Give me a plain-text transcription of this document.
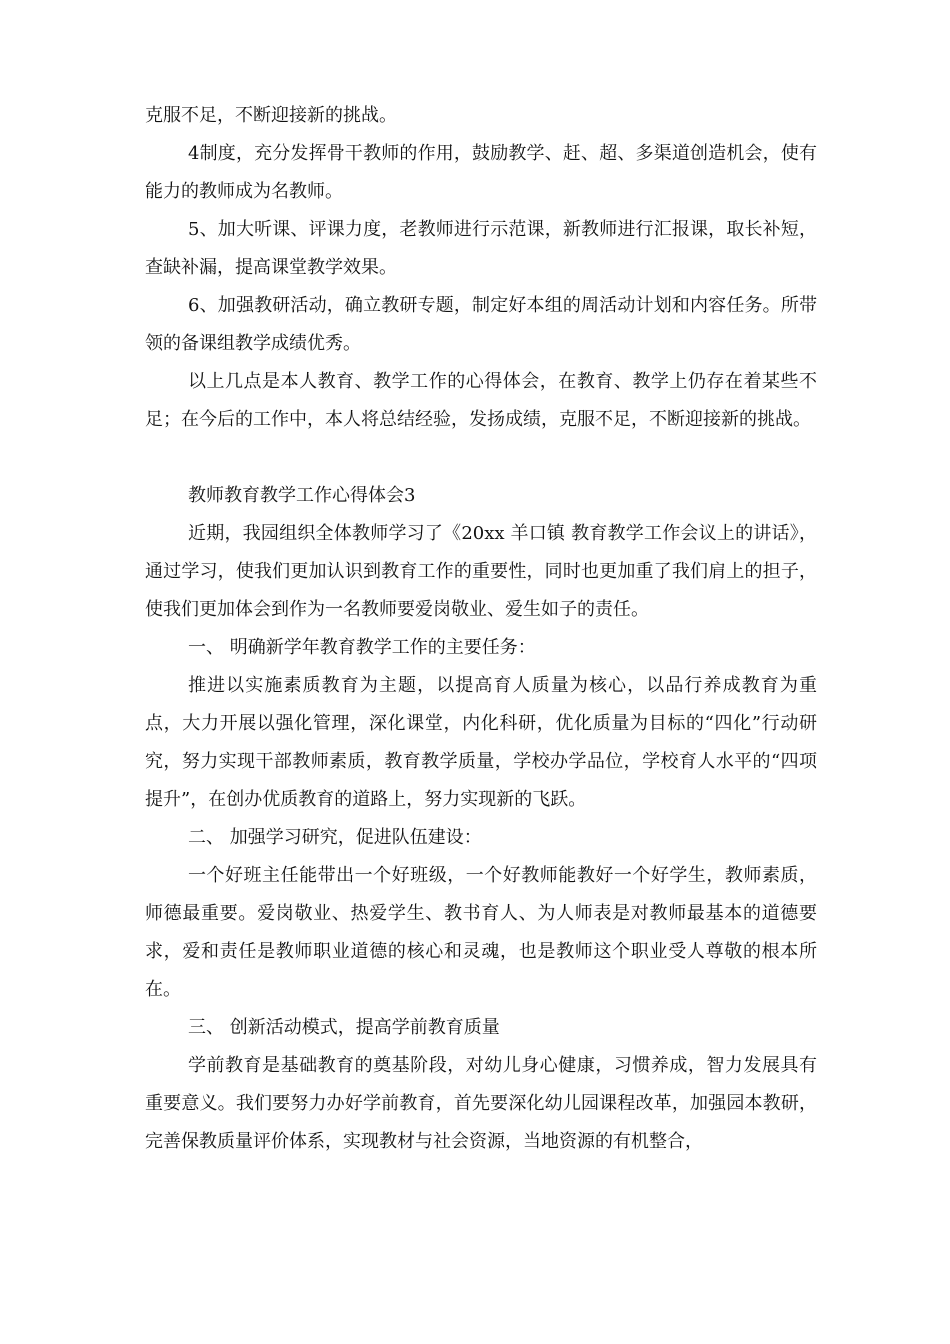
克服不足，不断迎接新的挑战。

4制度，充分发挥骨干教师的作用，鼓励教学、赶、超、多渠道创造机会，使有能力的教师成为名教师。

5、加大听课、评课力度，老教师进行示范课，新教师进行汇报课，取长补短，查缺补漏，提高课堂教学效果。

6、加强教研活动，确立教研专题，制定好本组的周活动计划和内容任务。所带领的备课组教学成绩优秀。

以上几点是本人教育、教学工作的心得体会，在教育、教学上仍存在着某些不足；在今后的工作中，本人将总结经验，发扬成绩，克服不足，不断迎接新的挑战。

教师教育教学工作心得体会3

近期，我园组织全体教师学习了《20xx 羊口镇 教育教学工作会议上的讲话》，通过学习，使我们更加认识到教育工作的重要性，同时也更加重了我们肩上的担子，使我们更加体会到作为一名教师要爱岗敬业、爱生如子的责任。

一、 明确新学年教育教学工作的主要任务：

推进以实施素质教育为主题，以提高育人质量为核心，以品行养成教育为重点，大力开展以强化管理，深化课堂，内化科研，优化质量为目标的“四化”行动研究，努力实现干部教师素质，教育教学质量，学校办学品位，学校育人水平的“四项提升”，在创办优质教育的道路上，努力实现新的飞跃。

二、 加强学习研究，促进队伍建设：

一个好班主任能带出一个好班级，一个好教师能教好一个好学生，教师素质，师德最重要。爱岗敬业、热爱学生、教书育人、为人师表是对教师最基本的道德要求，爱和责任是教师职业道德的核心和灵魂，也是教师这个职业受人尊敬的根本所在。

三、 创新活动模式，提高学前教育质量

学前教育是基础教育的奠基阶段，对幼儿身心健康，习惯养成，智力发展具有重要意义。我们要努力办好学前教育，首先要深化幼儿园课程改革，加强园本教研，完善保教质量评价体系，实现教材与社会资源，当地资源的有机整合，
